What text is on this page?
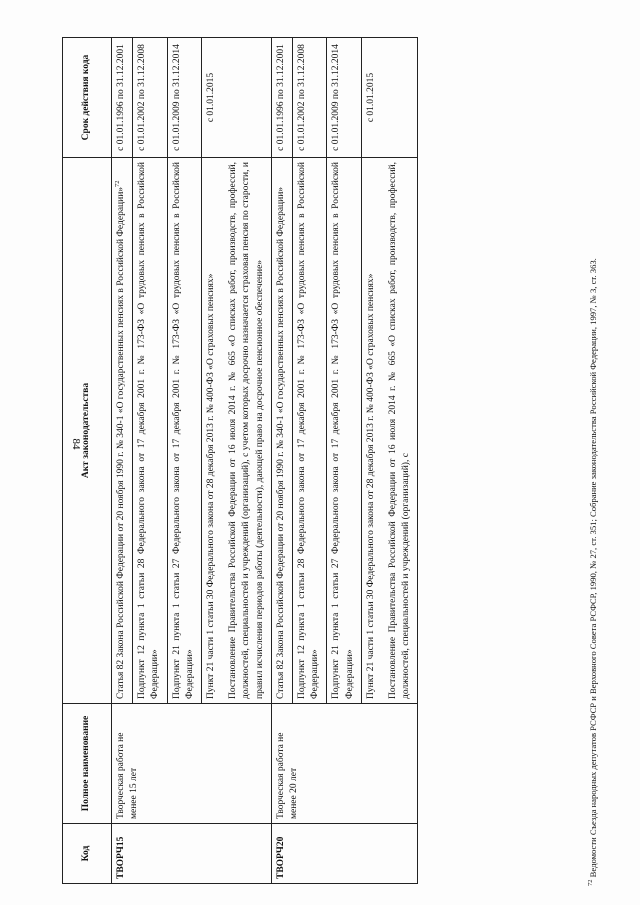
84
Код	Полное наименование	Акт законодательства	Срок действия кода
ТВОРЧ15	Творческая работа не менее 15 лет	Статья 82 Закона Российской Федерации от 20 ноября 1990 г. № 340-1 «О государственных пенсиях в Российской Федерации»$^{72}$	с 01.01.1996 по 31.12.2001
		Подпункт 12 пункта 1 статьи 28 Федерального закона от 17 декабря 2001 г. № 173-ФЗ «О трудовых пенсиях в Российской Федерации»	с 01.01.2002 по 31.12.2008
		Подпункт 21 пункта 1 статьи 27 Федерального закона от 17 декабря 2001 г. № 173-ФЗ «О трудовых пенсиях в Российской Федерации»	с 01.01.2009 по 31.12.2014

		Пункт 21 части 1 статьи 30 Федерального закона от 28 декабря 2013 г. № 400-ФЗ «О страховых пенсиях» Постановление Правительства Российской Федерации от 16 июля 2014 г. № 665 «О списках работ, производств, профессий, должностей, специальностей и учреждений (организаций), с учетом которых досрочно назначается страховая пенсия по старости, и правил исчисления периодов работы (деятельности), дающей право на досрочное пенсионное обеспечение»	с 01.01.2015
ТВОРЧ20	Творческая работа не менее 20 лет	Статья 82 Закона Российской Федерации от 20 ноября 1990 г. № 340-1 «О государственных пенсиях в Российской Федерации»	с 01.01.1996 по 31.12.2001
		Подпункт 12 пункта 1 статьи 28 Федерального закона от 17 декабря 2001 г. № 173-ФЗ «О трудовых пенсиях в Российской Федерации»	с 01.01.2002 по 31.12.2008
		Подпункт 21 пункта 1 статьи 27 Федерального закона от 17 декабря 2001 г. № 173-ФЗ «О трудовых пенсиях в Российской Федерации»	с 01.01.2009 по 31.12.2014

		Пункт 21 части 1 статьи 30 Федерального закона от 28 декабря 2013 г. № 400-ФЗ «О страховых пенсиях» Постановление Правительства Российской Федерации от 16 июля 2014 г. № 665 «О списках работ, производств, профессий, должностей, специальностей и учреждений (организаций), с	с 01.01.2015
$^{72}$ Ведомости Съезда народных депутатов РСФСР и Верховного Совета РСФСР, 1990, № 27, ст. 351; Собрание законодательства Российской Федерации, 1997, № 3, ст. 363.
